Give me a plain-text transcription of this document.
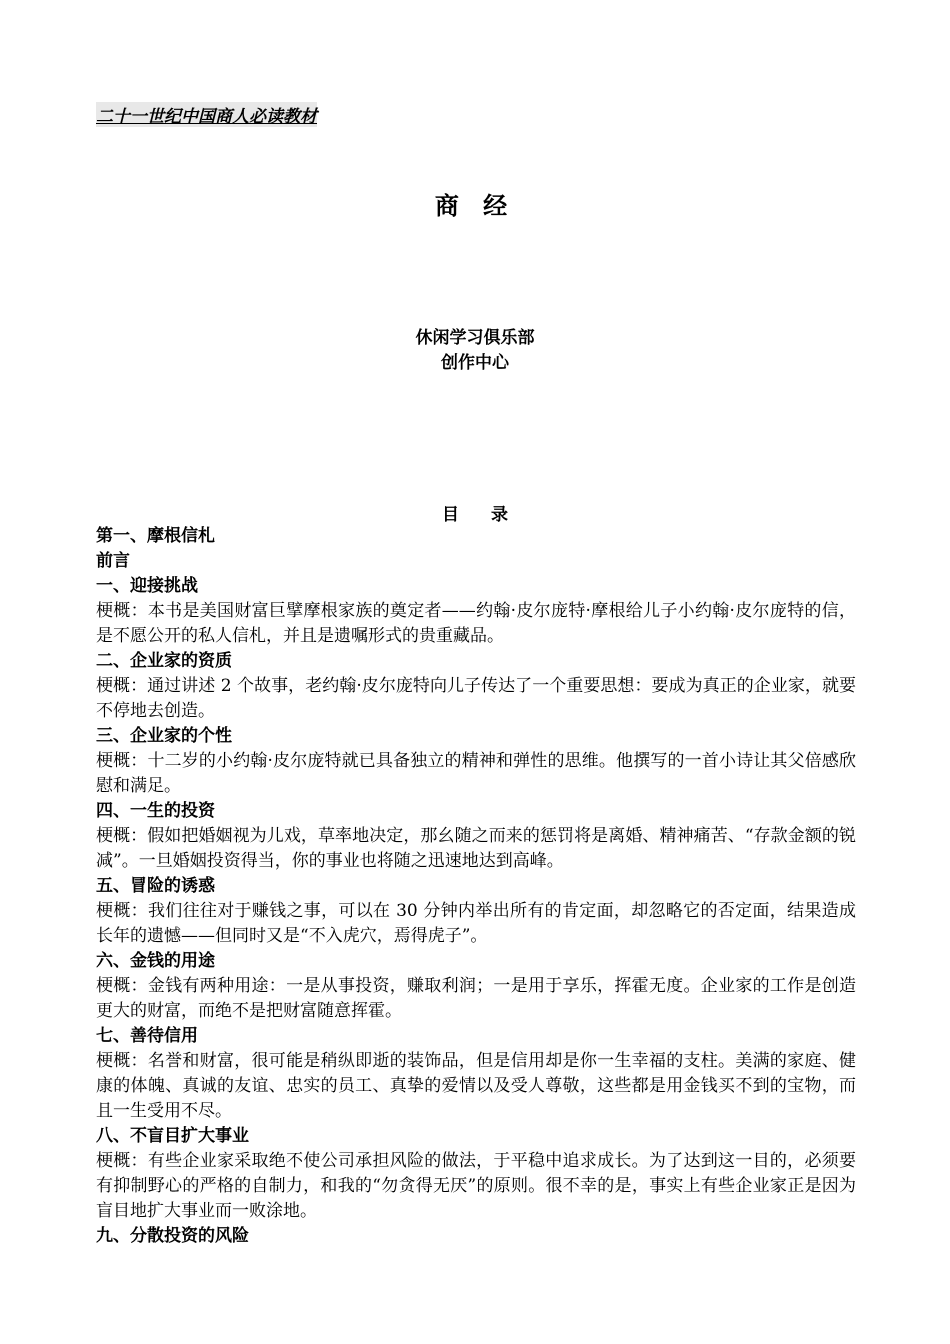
二十一世纪中国商人必读教材
商 经
休闲学习俱乐部
创作中心
目 录
第一、摩根信札
前言
一、迎接挑战
梗概：本书是美国财富巨擘摩根家族的奠定者——约翰·皮尔庞特·摩根给儿子小约翰·皮尔庞特的信，是不愿公开的私人信札，并且是遗嘱形式的贵重藏品。
二、企业家的资质
梗概：通过讲述 2 个故事，老约翰·皮尔庞特向儿子传达了一个重要思想：要成为真正的企业家，就要不停地去创造。
三、企业家的个性
梗概：十二岁的小约翰·皮尔庞特就已具备独立的精神和弹性的思维。他撰写的一首小诗让其父倍感欣慰和满足。
四、一生的投资
梗概：假如把婚姻视为儿戏，草率地决定，那幺随之而来的惩罚将是离婚、精神痛苦、“存款金额的锐减”。一旦婚姻投资得当，你的事业也将随之迅速地达到高峰。
五、冒险的诱惑
梗概：我们往往对于赚钱之事，可以在 30 分钟内举出所有的肯定面，却忽略它的否定面，结果造成长年的遗憾——但同时又是“不入虎穴，焉得虎子”。
六、金钱的用途
梗概：金钱有两种用途：一是从事投资，赚取利润；一是用于享乐，挥霍无度。企业家的工作是创造更大的财富，而绝不是把财富随意挥霍。
七、善待信用
梗概：名誉和财富，很可能是稍纵即逝的装饰品，但是信用却是你一生幸福的支柱。美满的家庭、健康的体魄、真诚的友谊、忠实的员工、真挚的爱情以及受人尊敬，这些都是用金钱买不到的宝物，而且一生受用不尽。
八、不盲目扩大事业
梗概：有些企业家采取绝不使公司承担风险的做法，于平稳中追求成长。为了达到这一目的，必须要有抑制野心的严格的自制力，和我的“勿贪得无厌”的原则。很不幸的是，事实上有些企业家正是因为盲目地扩大事业而一败涂地。
九、分散投资的风险
